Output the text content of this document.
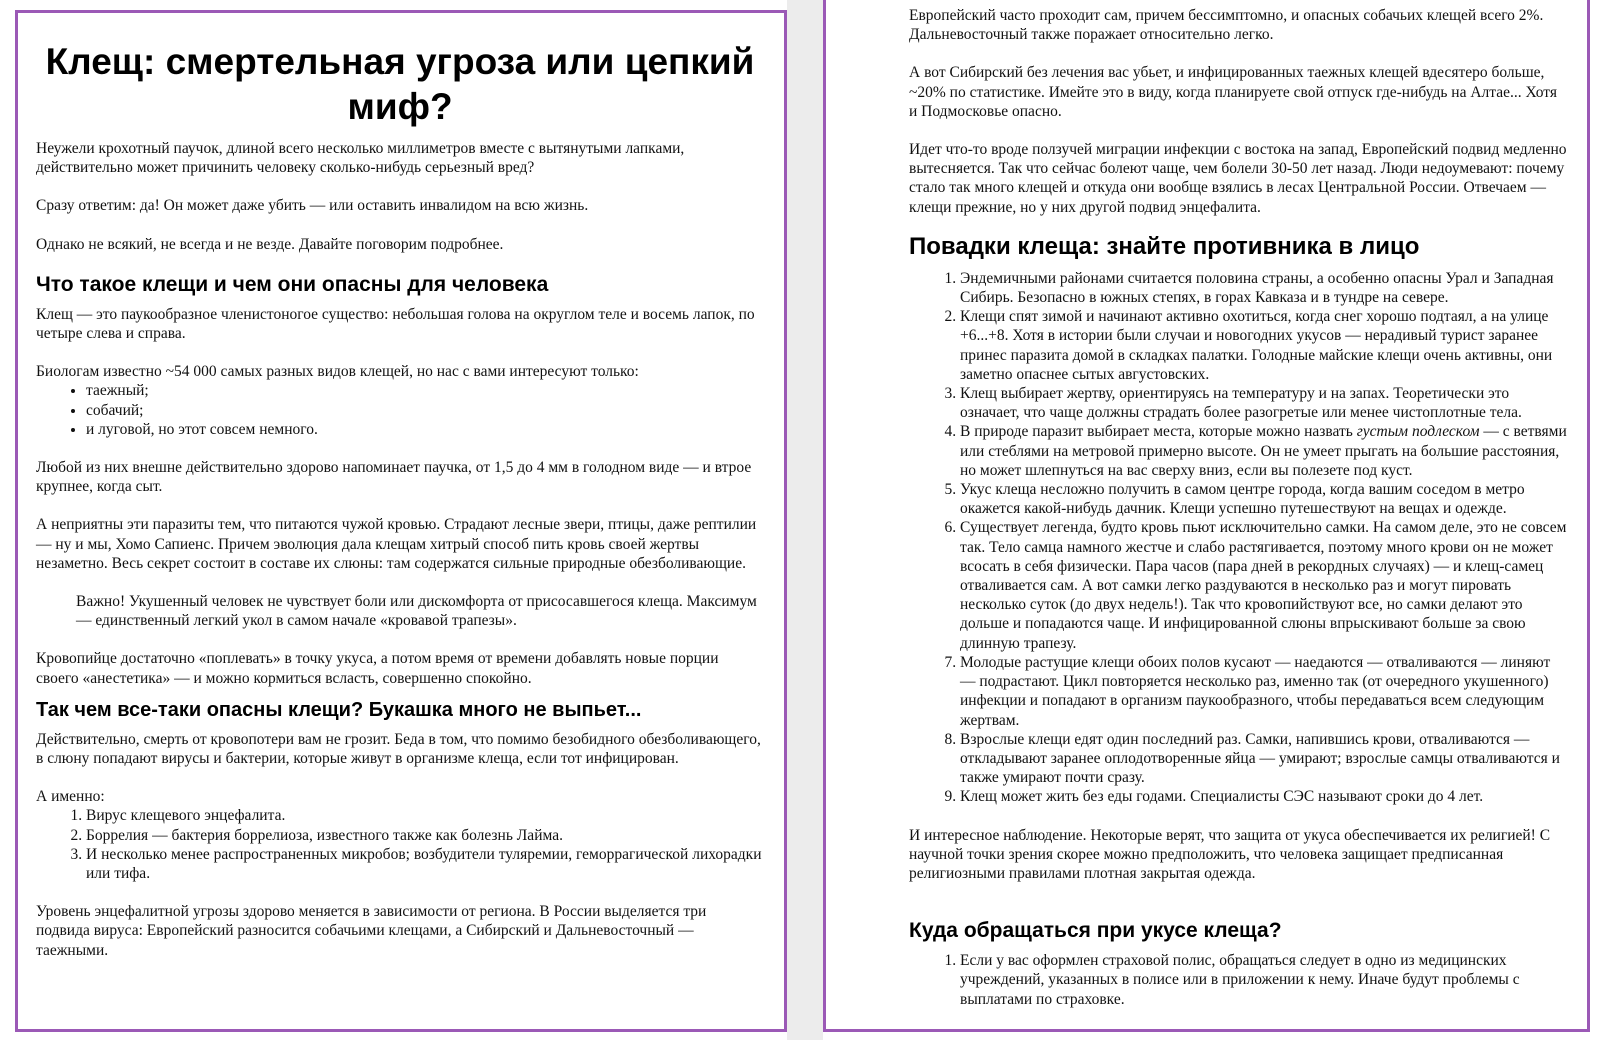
Клещ: смертельная угроза или цепкий миф?

Неужели крохотный паучок, длиной всего несколько миллиметров вместе с вытянутыми лапками, действительно может причинить человеку сколько-нибудь серьезный вред?

Сразу ответим: да! Он может даже убить — или оставить инвалидом на всю жизнь.

Однако не всякий, не всегда и не везде. Давайте поговорим подробнее.

Что такое клещи и чем они опасны для человека

Клещ — это паукообразное членистоногое существо: небольшая голова на округлом теле и восемь лапок, по четыре слева и справа.

Биологам известно ~54 000 самых разных видов клещей, но нас с вами интересуют только:

• таежный;
• собачий;
• и луговой, но этот совсем немного.

Любой из них внешне действительно здорово напоминает паучка, от 1,5 до 4 мм в голодном виде — и втрое крупнее, когда сыт.

А неприятны эти паразиты тем, что питаются чужой кровью. Страдают лесные звери, птицы, даже рептилии — ну и мы, Хомо Сапиенс. Причем эволюция дала клещам хитрый способ пить кровь своей жертвы незаметно. Весь секрет состоит в составе их слюны: там содержатся сильные природные обезболивающие.

Важно! Укушенный человек не чувствует боли или дискомфорта от присосавшегося клеща. Максимум — единственный легкий укол в самом начале «кровавой трапезы».

Кровопийце достаточно «поплевать» в точку укуса, а потом время от времени добавлять новые порции своего «анестетика» — и можно кормиться всласть, совершенно спокойно.

Так чем все-таки опасны клещи? Букашка много не выпьет...

Действительно, смерть от кровопотери вам не грозит. Беда в том, что помимо безобидного обезболивающего, в слюну попадают вирусы и бактерии, которые живут в организме клеща, если тот инфицирован.

А именно:

1. Вирус клещевого энцефалита.
2. Боррелия — бактерия боррелиоза, известного также как болезнь Лайма.
3. И несколько менее распространенных микробов; возбудители туляремии, геморрагической лихорадки или тифа.

Уровень энцефалитной угрозы здорово меняется в зависимости от региона. В России выделяется три подвида вируса: Европейский разносится собачьими клещами, а Сибирский и Дальневосточный — таежными.

Европейский часто проходит сам, причем бессимптомно, и опасных собачьих клещей всего 2%. Дальневосточный также поражает относительно легко.

А вот Сибирский без лечения вас убьет, и инфицированных таежных клещей вдесятеро больше, ~20% по статистике. Имейте это в виду, когда планируете свой отпуск где-нибудь на Алтае... Хотя и Подмосковье опасно.

Идет что-то вроде ползучей миграции инфекции с востока на запад, Европейский подвид медленно вытесняется. Так что сейчас болеют чаще, чем болели 30-50 лет назад. Люди недоумевают: почему стало так много клещей и откуда они вообще взялись в лесах Центральной России. Отвечаем — клещи прежние, но у них другой подвид энцефалита.

Повадки клеща: знайте противника в лицо
1. Эндемичными районами считается половина страны, а особенно опасны Урал и Западная Сибирь. Безопасно в южных степях, в горах Кавказа и в тундре на севере.
2. Клещи спят зимой и начинают активно охотиться, когда снег хорошо подтаял, а на улице +6...+8. Хотя в истории были случаи и новогодних укусов — нерадивый турист заранее принес паразита домой в складках палатки. Голодные майские клещи очень активны, они заметно опаснее сытых августовских.
3. Клещ выбирает жертву, ориентируясь на температуру и на запах. Теоретически это означает, что чаще должны страдать более разогретые или менее чистоплотные тела.
4. В природе паразит выбирает места, которые можно назвать густым подлеском — с ветвями или стеблями на метровой примерно высоте. Он не умеет прыгать на большие расстояния, но может шлепнуться на вас сверху вниз, если вы полезете под куст.
5. Укус клеща несложно получить в самом центре города, когда вашим соседом в метро окажется какой-нибудь дачник. Клещи успешно путешествуют на вещах и одежде.
6. Существует легенда, будто кровь пьют исключительно самки. На самом деле, это не совсем так. Тело самца намного жестче и слабо растягивается, поэтому много крови он не может всосать в себя физически. Пара часов (пара дней в рекордных случаях) — и клещ-самец отваливается сам. А вот самки легко раздуваются в несколько раз и могут пировать несколько суток (до двух недель!). Так что кровопийствуют все, но самки делают это дольше и попадаются чаще. И инфицированной слюны впрыскивают больше за свою длинную трапезу.
7. Молодые растущие клещи обоих полов кусают — наедаются — отваливаются — линяют — подрастают. Цикл повторяется несколько раз, именно так (от очередного укушенного) инфекции и попадают в организм паукообразного, чтобы передаваться всем следующим жертвам.
8. Взрослые клещи едят один последний раз. Самки, напившись крови, отваливаются — откладывают заранее оплодотворенные яйца — умирают; взрослые самцы отваливаются и также умирают почти сразу.
9. Клещ может жить без еды годами. Специалисты СЭС называют сроки до 4 лет.

И интересное наблюдение. Некоторые верят, что защита от укуса обеспечивается их религией! С научной точки зрения скорее можно предположить, что человека защищает предписанная религиозными правилами плотная закрытая одежда.

Куда обращаться при укусе клеща?
1. Если у вас оформлен страховой полис, обращаться следует в одно из медицинских учреждений, указанных в полисе или в приложении к нему. Иначе будут проблемы с выплатами по страховке.
